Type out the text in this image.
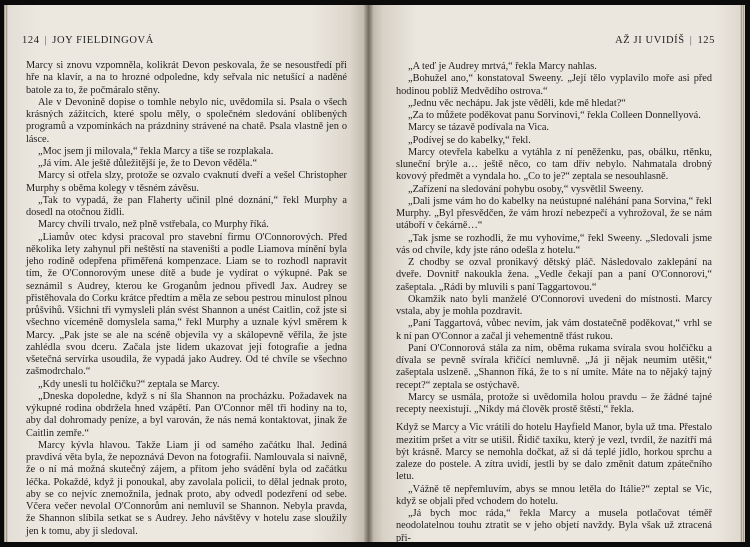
124 | JOY FIELDINGOVÁ

Marcy si znovu vzpomněla, kolikrát Devon peskovala, že se nesoustředí při hře na klavír, a na to hrozné odpoledne, kdy seřvala nic netušící a naděné batole za to, že počmáralo stěny.

Ale v Devonině dopise o tomhle nebylo nic, uvědomila si. Psala o všech krásných zážitcích, které spolu měly, o společném sledování oblíbených programů a vzpomínkách na prázdniny strávené na chatě. Psala vlastně jen o lásce.

„Moc jsem ji milovala,“ řekla Marcy a tiše se rozplakala.

„Já vím. Ale ještě důležitější je, že to Devon věděla.“

Marcy si otřela slzy, protože se ozvalo cvaknutí dveří a vešel Christopher Murphy s oběma kolegy v těsném závěsu.

„Tak to vypadá, že pan Flaherty učinil plné doznání,“ řekl Murphy a dosedl na otočnou židli.

Marcy chvíli trvalo, než plně vstřebala, co Murphy říká.

„Liamův otec kdysi pracoval pro stavební firmu O'Connorových. Před několika lety zahynul při neštěstí na staveništi a podle Liamova mínění byla jeho rodině odepřena přiměřená kompenzace. Liam se to rozhodl napravit tím, že O'Connorovým unese dítě a bude je vydírat o výkupné. Pak se seznámil s Audrey, kterou ke Groganům jednou přivedl Jax. Audrey se přistěhovala do Corku krátce předtím a měla ze sebou pestrou minulost plnou průšvihů. Všichni tři vymysleli plán svést Shannon a unést Caitlin, což jste si všechno víceméně domyslela sama,“ řekl Murphy a uznale kývl směrem k Marcy. „Pak jste se ale na scéně objevila vy a skálopevně věřila, že jste zahlédla svou dceru. Začala jste lidem ukazovat její fotografie a jedna všetečná servírka usoudila, že vypadá jako Audrey. Od té chvíle se všechno zašmodrchalo.“

„Kdy unesli tu holčičku?“ zeptala se Marcy.

„Dneska dopoledne, když s ní šla Shannon na procházku. Požadavek na výkupné rodina obdržela hned vzápětí. Pan O'Connor měl tři hodiny na to, aby dal dohromady peníze, a byl varován, že nás nemá kontaktovat, jinak že Caitlin zemře.“

Marcy kývla hlavou. Takže Liam ji od samého začátku lhal. Jediná pravdivá věta byla, že nepoznává Devon na fotografii. Namlouvala si naivně, že o ní má možná skutečný zájem, a přitom jeho svádění byla od začátku léčka. Pokaždé, když ji ponoukal, aby zavolala policii, to dělal jednak proto, aby se co nejvíc znemožnila, jednak proto, aby odvedl podezření od sebe. Včera večer nevolal O'Connorům ani nemluvil se Shannon. Nebyla pravda, že Shannon slíbila setkat se s Audrey. Jeho návštěvy v hotelu zase sloužily jen k tomu, aby ji sledoval.

AŽ JI UVIDÍŠ | 125

„A teď je Audrey mrtvá,“ řekla Marcy nahlas.

„Bohužel ano,“ konstatoval Sweeny. „Její tělo vyplavilo moře asi před hodinou poblíž Medvědího ostrova.“

„Jednu věc nechápu. Jak jste věděli, kde mě hledat?“

„Za to můžete poděkovat panu Sorvinovi,“ řekla Colleen Donnellyová.

Marcy se tázavě podívala na Vica.

„Podívej se do kabelky,“ řekl.

Marcy otevřela kabelku a vytáhla z ní peněženku, pas, obálku, rtěnku, sluneční brýle a… ještě něco, co tam dřív nebylo. Nahmatala drobný kovový předmět a vyndala ho. „Co to je?“ zeptala se nesouhlasně.

„Zařízení na sledování pohybu osoby,“ vysvětlil Sweeny.

„Dali jsme vám ho do kabelky na neústupné naléhání pana Sorvina,“ řekl Murphy. „Byl přesvědčen, že vám hrozí nebezpečí a vyhrožoval, že se nám utáboří v čekárně…“

„Tak jsme se rozhodli, že mu vyhovíme,“ řekl Sweeny. „Sledovali jsme vás od chvíle, kdy jste ráno odešla z hotelu.“

Z chodby se ozval pronikavý dětský pláč. Následovalo zaklepání na dveře. Dovnitř nakoukla žena. „Vedle čekají pan a paní O'Connorovi,“ zašeptala. „Rádi by mluvili s paní Taggartovou.“

Okamžik nato byli manželé O'Connorovi uvedeni do místnosti. Marcy vstala, aby je mohla pozdravit.

„Paní Taggartová, vůbec nevím, jak vám dostatečně poděkovat,“ vrhl se k ní pan O'Connor a začal ji vehementně třást rukou.

Paní O'Connorová stála za ním, oběma rukama svírala svou holčičku a dívala se pevně svírala křičící nemluvně. „Já ji nějak neumím utěšit,“ zašeptala uslzeně. „Shannon říká, že to s ní umíte. Máte na to nějaký tajný recept?“ zeptala se ostýchavě.

Marcy se usmála, protože si uvědomila holou pravdu – že žádné tajné recepty neexistují. „Nikdy má člověk prostě štěstí,“ řekla.

Když se Marcy a Vic vrátili do hotelu Hayfield Manor, byla už tma. Přestalo mezitím pršet a vítr se utišil. Řidič taxíku, který je vezl, tvrdil, že nazítří má být krásně. Marcy se nemohla dočkat, až si dá teplé jídlo, horkou sprchu a zaleze do postele. A zítra uvidí, jestli by se dalo změnit datum zpátečního letu.

„Vážně tě nepřemluvím, abys se mnou letěla do Itálie?“ zeptal se Vic, když se objali před vchodem do hotelu.

„Já bych moc ráda,“ řekla Marcy a musela potlačovat téměř neodolatelnou touhu ztratit se v jeho objetí navždy. Byla však už ztracená při-
